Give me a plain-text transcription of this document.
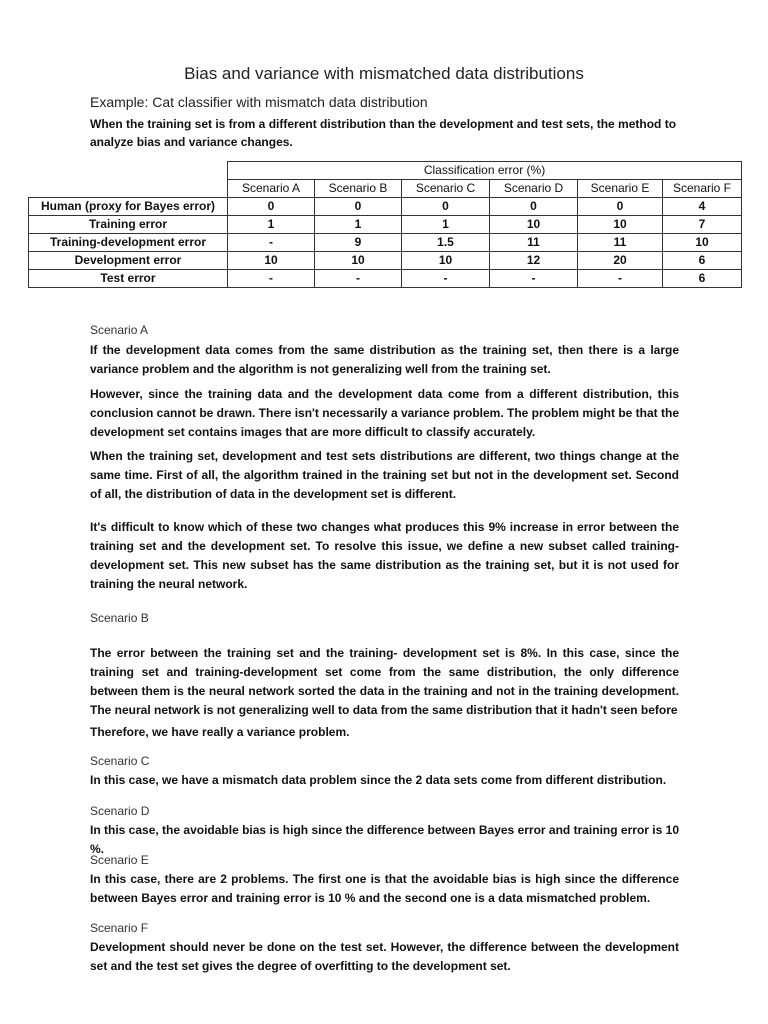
Bias and variance with mismatched data distributions
Example: Cat classifier with mismatch data distribution
When the training set is from a different distribution than the development and test sets, the method to analyze bias and variance changes.
	Classification error (%)					
	Scenario A	Scenario B	Scenario C	Scenario D	Scenario E	Scenario F
Human (proxy for Bayes error)	0	0	0	0	0	4
Training error	1	1	1	10	10	7
Training-development error	-	9	1.5	11	11	10
Development error	10	10	10	12	20	6
Test error	-	-	-	-	-	6
Scenario A
If the development data comes from the same distribution as the training set, then there is a large variance problem and the algorithm is not generalizing well from the training set.
However, since the training data and the development data come from a different distribution, this conclusion cannot be drawn. There isn't necessarily a variance problem. The problem might be that the development set contains images that are more difficult to classify accurately.
When the training set, development and test sets distributions are different, two things change at the same time. First of all, the algorithm trained in the training set but not in the development set. Second of all, the distribution of data in the development set is different.
It's difficult to know which of these two changes what produces this 9% increase in error between the training set and the development set. To resolve this issue, we define a new subset called training-development set. This new subset has the same distribution as the training set, but it is not used for training the neural network.
Scenario B
The error between the training set and the training- development set is 8%. In this case, since the training set and training-development set come from the same distribution, the only difference between them is the neural network sorted the data in the training and not in the training development. The neural network is not generalizing well to data from the same distribution that it hadn't seen before
Therefore, we have really a variance problem.
Scenario C
In this case, we have a mismatch data problem since the 2 data sets come from different distribution.
Scenario D
In this case, the avoidable bias is high since the difference between Bayes error and training error is 10 %.
Scenario E
In this case, there are 2 problems. The first one is that the avoidable bias is high since the difference between Bayes error and training error is 10 % and the second one is a data mismatched problem.
Scenario F
Development should never be done on the test set. However, the difference between the development set and the test set gives the degree of overfitting to the development set.
